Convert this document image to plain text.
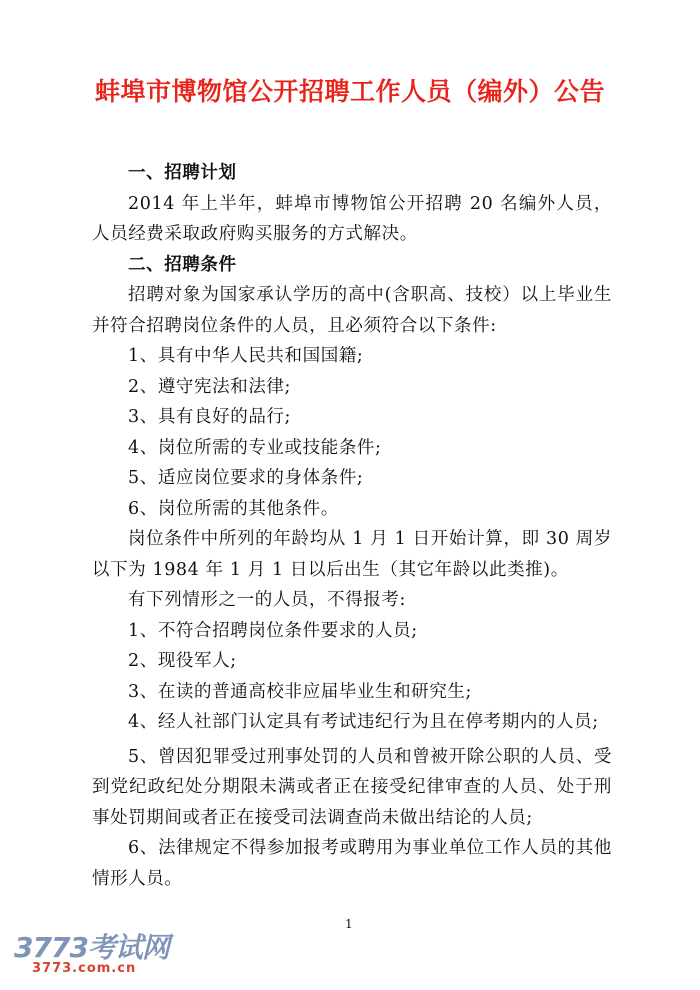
蚌埠市博物馆公开招聘工作人员（编外）公告

一、招聘计划

2014 年上半年，蚌埠市博物馆公开招聘 20 名编外人员，人员经费采取政府购买服务的方式解决。

二、招聘条件

招聘对象为国家承认学历的高中(含职高、技校）以上毕业生并符合招聘岗位条件的人员，且必须符合以下条件:

1、具有中华人民共和国国籍;

2、遵守宪法和法律;

3、具有良好的品行;

4、岗位所需的专业或技能条件;

5、适应岗位要求的身体条件;

6、岗位所需的其他条件。

岗位条件中所列的年龄均从 1 月 1 日开始计算，即 30 周岁以下为 1984 年 1 月 1 日以后出生（其它年龄以此类推)。

有下列情形之一的人员，不得报考:

1、不符合招聘岗位条件要求的人员;

2、现役军人;

3、在读的普通高校非应届毕业生和研究生;

4、经人社部门认定具有考试违纪行为且在停考期内的人员;

5、曾因犯罪受过刑事处罚的人员和曾被开除公职的人员、受到党纪政纪处分期限未满或者正在接受纪律审查的人员、处于刑事处罚期间或者正在接受司法调查尚未做出结论的人员;

6、法律规定不得参加报考或聘用为事业单位工作人员的其他情形人员。

1
3773考试网
3773.com.cn
